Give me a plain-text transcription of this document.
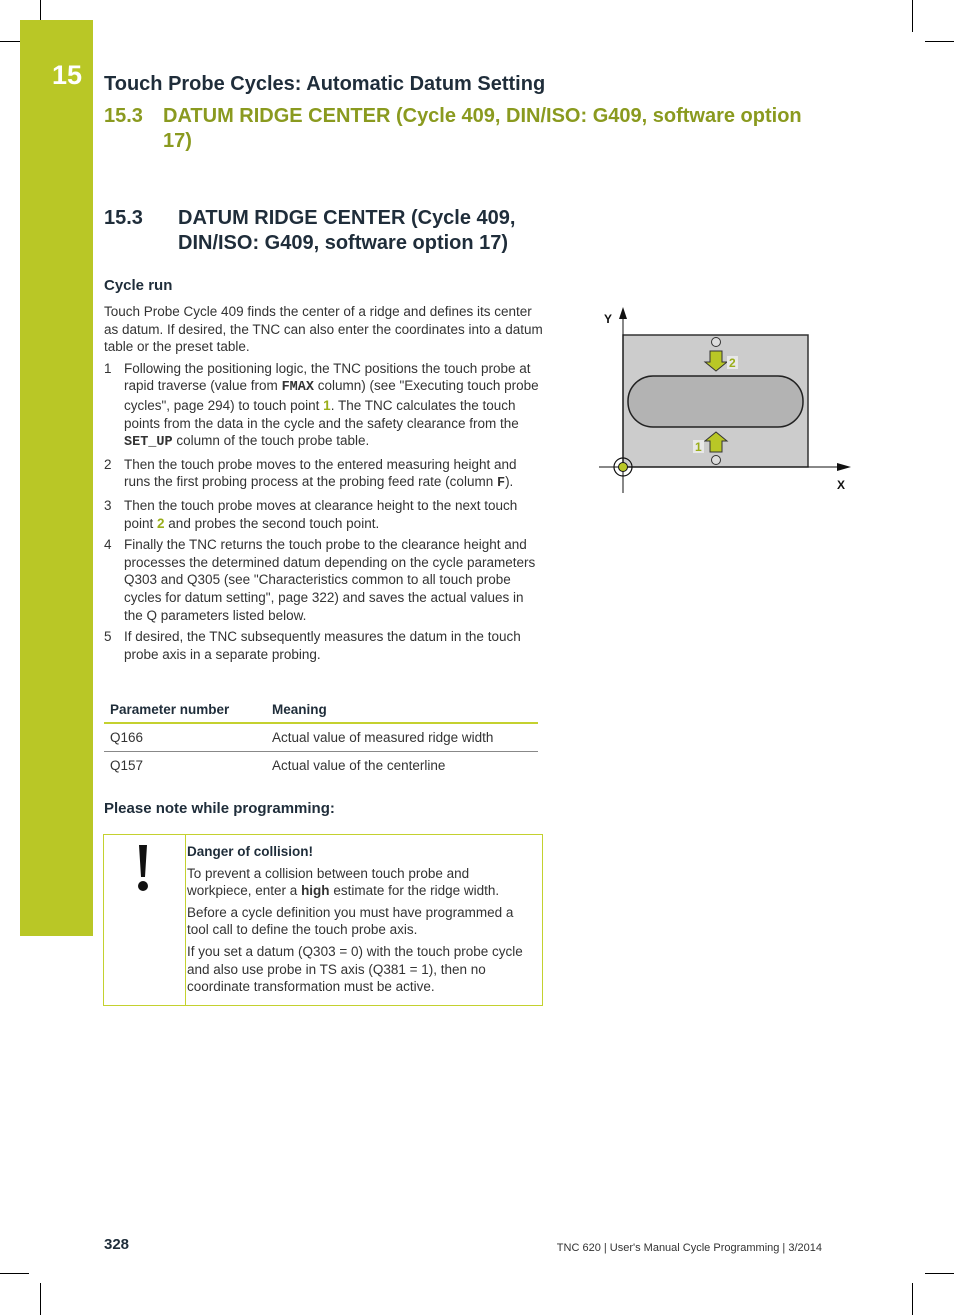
15 Touch Probe Cycles: Automatic Datum Setting
15.3 DATUM RIDGE CENTER (Cycle 409, DIN/ISO: G409, software option 17)
15.3 DATUM RIDGE CENTER (Cycle 409, DIN/ISO: G409, software option 17)
Cycle run
Touch Probe Cycle 409 finds the center of a ridge and defines its center as datum. If desired, the TNC can also enter the coordinates into a datum table or the preset table.
1 Following the positioning logic, the TNC positions the touch probe at rapid traverse (value from FMAX column) (see "Executing touch probe cycles", page 294) to touch point 1. The TNC calculates the touch points from the data in the cycle and the safety clearance from the SET_UP column of the touch probe table.
2 Then the touch probe moves to the entered measuring height and runs the first probing process at the probing feed rate (column F).
3 Then the touch probe moves at clearance height to the next touch point 2 and probes the second touch point.
4 Finally the TNC returns the touch probe to the clearance height and processes the determined datum depending on the cycle parameters Q303 and Q305 (see "Characteristics common to all touch probe cycles for datum setting", page 322) and saves the actual values in the Q parameters listed below.
5 If desired, the TNC subsequently measures the datum in the touch probe axis in a separate probing.
Parameter number	Meaning
Q166	Actual value of measured ridge width
Q157	Actual value of the centerline
Please note while programming:

Danger of collision!

To prevent a collision between touch probe and workpiece, enter a high estimate for the ridge width.

Before a cycle definition you must have programmed a tool call to define the touch probe axis.

If you set a datum (Q303 = 0) with the touch probe cycle and also use probe in TS axis (Q381 = 1), then no coordinate transformation must be active.

Y
X
2
1
328	TNC 620 | User's Manual Cycle Programming | 3/2014
